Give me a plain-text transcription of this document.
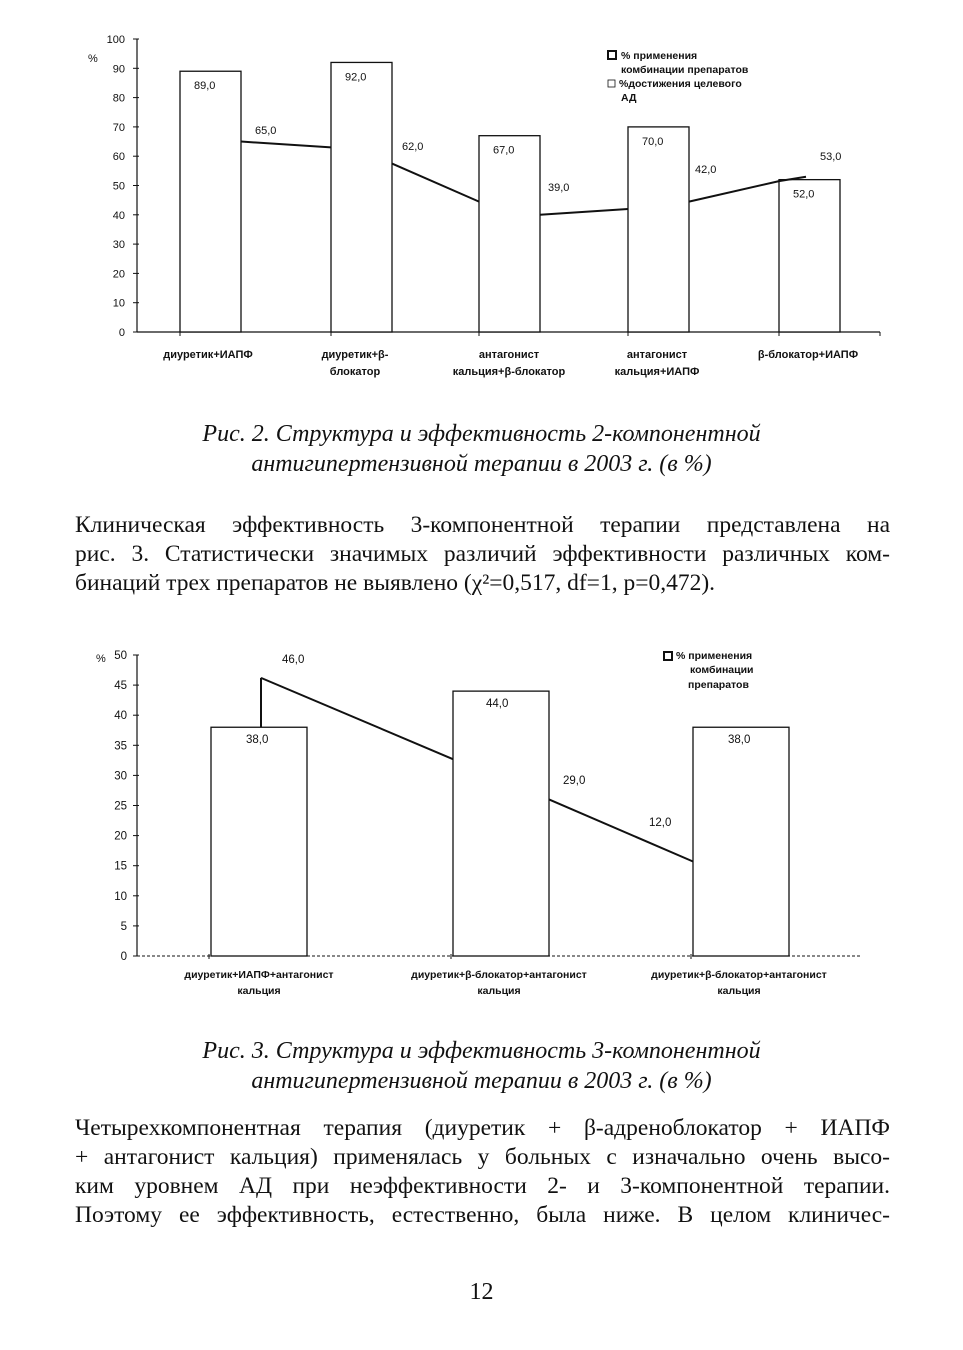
0
10
20
30
40
50
60
70
80
90
100
%
89,0
92,0
67,0
70,0
52,0
65,0
62,0
39,0
42,0
53,0
диуретик+ИАПФ	диуретик+β-
блокатор
антагонист
кальция+β-блокатор
антагонист
кальция+ИАПФ
β-блокатор+ИАПФ
% применения
комбинации препаратов
%достижения целевого
АД
0
5
10
15
20
25
30
35
40
45
50
%
38,0
44,0
38,0
46,0
29,0
12,0
диуретик+ИАПФ+антагонист
кальция
диуретик+β-блокатор+антагонист
кальция
диуретик+β-блокатор+антагонист
кальция
% применения
комбинации
препаратов
Рис. 2. Структура и эффективность 2-компонентной
антигипертензивной терапии в 2003 г. (в %)
Клиническая эффективность 3-компонентной терапии представлена на
рис. 3. Статистически значимых различий эффективности различных ком-
бинаций трех препаратов не выявлено (χ²=0,517, df=1, p=0,472).
Рис. 3. Структура и эффективность 3-компонентной
антигипертензивной терапии в 2003 г. (в %)
Четырехкомпонентная терапия (диуретик + β-адреноблокатор + ИАПФ
+ антагонист кальция) применялась у больных с изначально очень высо-
ким уровнем АД при неэффективности 2- и 3-компонентной терапии.
Поэтому ее эффективность, естественно, была ниже. В целом клиничес-
12
